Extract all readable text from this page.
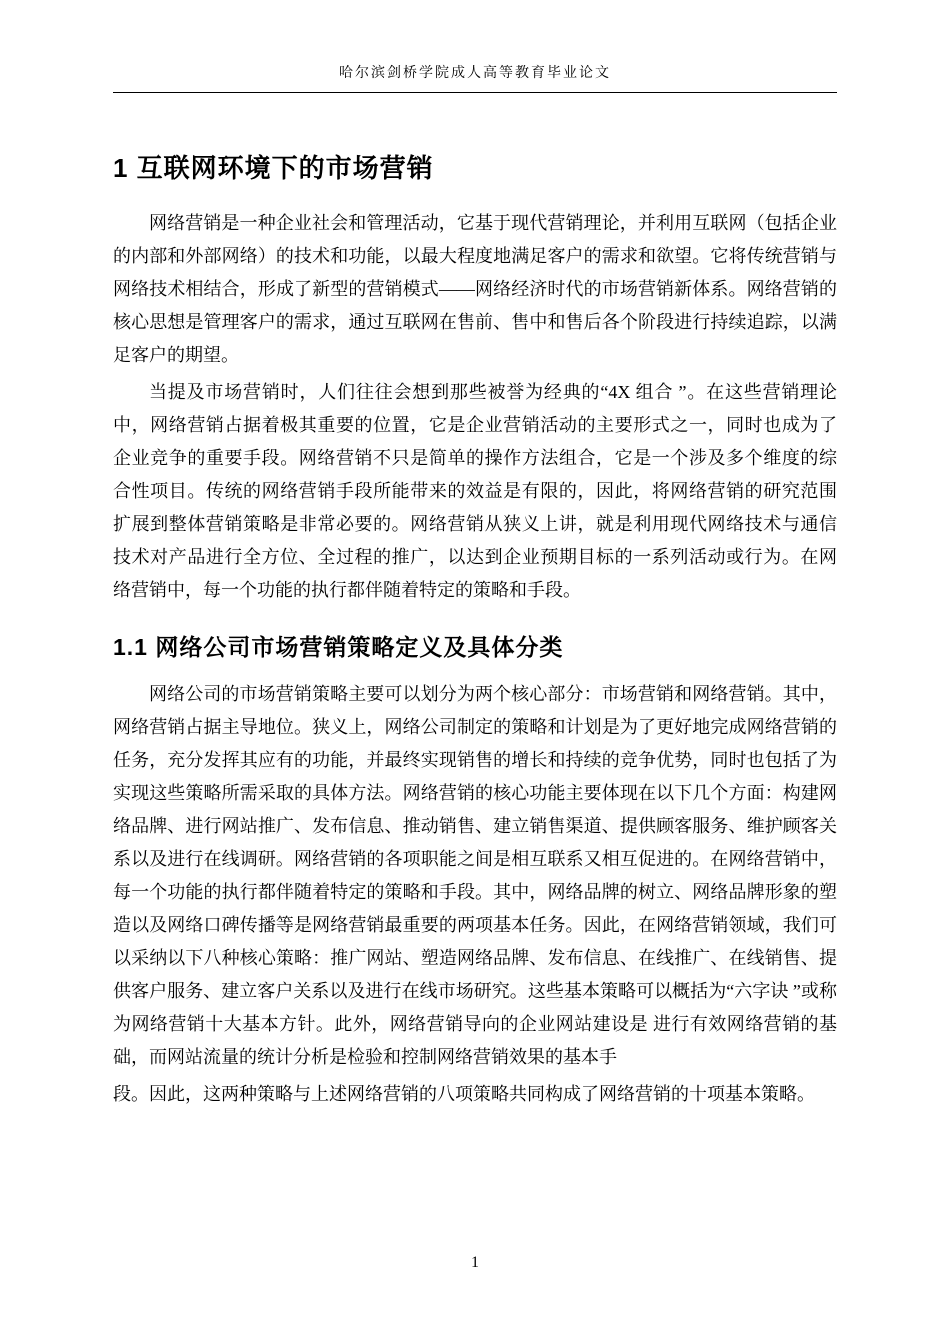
哈尔滨剑桥学院成人高等教育毕业论文
1 互联网环境下的市场营销

网络营销是一种企业社会和管理活动，它基于现代营销理论，并利用互联网（包括企业的内部和外部网络）的技术和功能，以最大程度地满足客户的需求和欲望。它将传统营销与网络技术相结合，形成了新型的营销模式——网络经济时代的市场营销新体系。网络营销的核心思想是管理客户的需求，通过互联网在售前、售中和售后各个阶段进行持续追踪，以满足客户的期望。

当提及市场营销时，人们往往会想到那些被誉为经典的“4X 组合 ”。在这些营销理论 中，网络营销占据着极其重要的位置，它是企业营销活动的主要形式之一，同时也成为了 企业竞争的重要手段。网络营销不只是简单的操作方法组合，它是一个涉及多个维度的综 合性项目。传统的网络营销手段所能带来的效益是有限的，因此，将网络营销的研究范围 扩展到整体营销策略是非常必要的。网络营销从狭义上讲，就是利用现代网络技术与通信 技术对产品进行全方位、全过程的推广，以达到企业预期目标的一系列活动或行为。在网 络营销中，每一个功能的执行都伴随着特定的策略和手段。

1.1 网络公司市场营销策略定义及具体分类

网络公司的市场营销策略主要可以划分为两个核心部分：市场营销和网络营销。其中，网络营销占据主导地位。狭义上，网络公司制定的策略和计划是为了更好地完成网络营销的任务，充分发挥其应有的功能，并最终实现销售的增长和持续的竞争优势，同时也包括了为实现这些策略所需采取的具体方法。网络营销的核心功能主要体现在以下几个方面：构建网络品牌、进行网站推广、发布信息、推动销售、建立销售渠道、提供顾客服务、维护顾客关系以及进行在线调研。网络营销的各项职能之间是相互联系又相互促进的。在网络营销中，每一个功能的执行都伴随着特定的策略和手段。其中，网络品牌的树立、网络品牌形象的塑造以及网络口碑传播等是网络营销最重要的两项基本任务。因此，在网络营销领域，我们可以采纳以下八种核心策略：推广网站、塑造网络品牌、发布信息、在线推广、在线销售、提供客户服务、建立客户关系以及进行在线市场研究。这些基本策略可以概括为“六字诀 ”或称为网络营销十大基本方针。此外，网络营销导向的企业网站建设是 进行有效网络营销的基础，而网站流量的统计分析是检验和控制网络营销效果的基本手

段。因此，这两种策略与上述网络营销的八项策略共同构成了网络营销的十项基本策略。

1
